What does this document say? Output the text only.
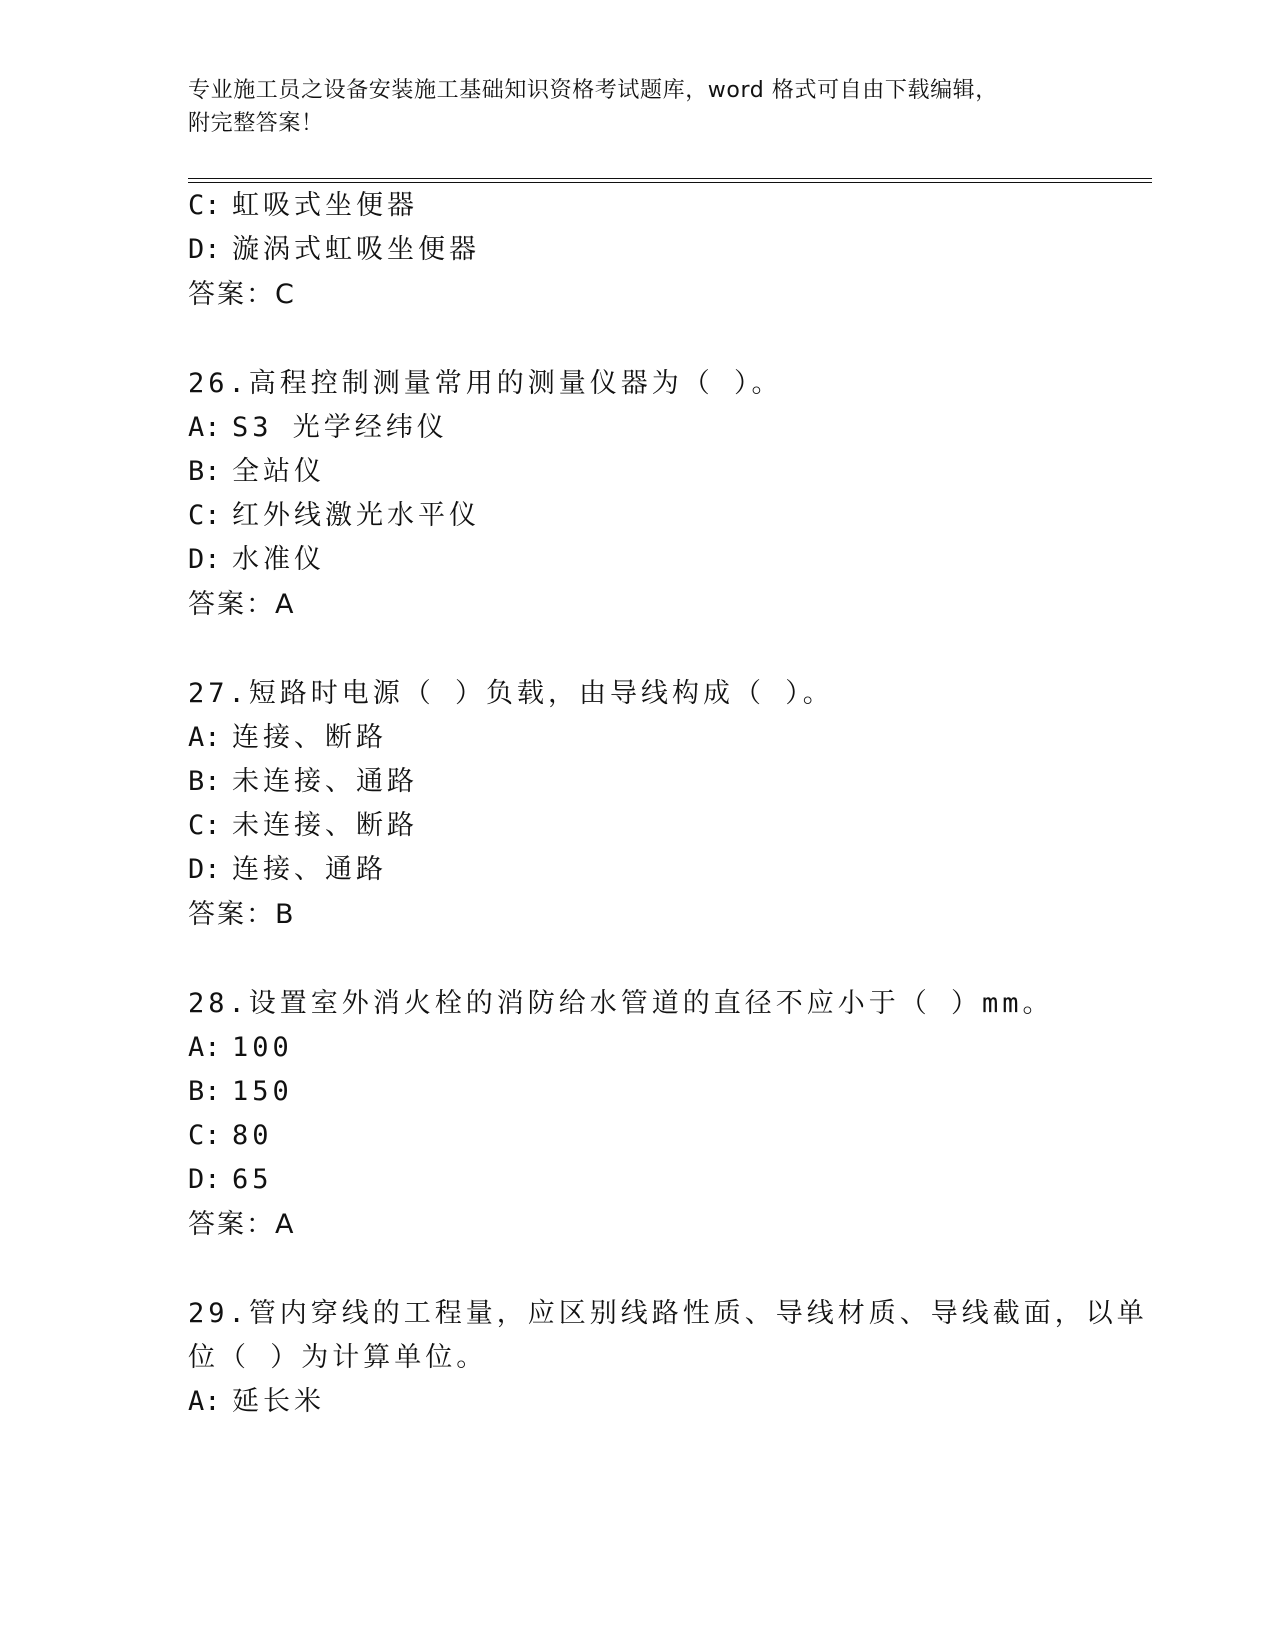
专业施工员之设备安装施工基础知识资格考试题库，word 格式可自由下载编辑，
附完整答案！
C: 虹吸式坐便器
D: 漩涡式虹吸坐便器
答案：C
26.高程控制测量常用的测量仪器为（ ）。
A: S3 光学经纬仪
B: 全站仪
C: 红外线激光水平仪
D: 水准仪
答案：A
27.短路时电源（ ）负载，由导线构成（ ）。
A: 连接、断路
B: 未连接、通路
C: 未连接、断路
D: 连接、通路
答案：B
28.设置室外消火栓的消防给水管道的直径不应小于（ ）mm。
A: 100
B: 150
C: 80
D: 65
答案：A
29.管内穿线的工程量，应区别线路性质、导线材质、导线截面，以单
位（ ）为计算单位。
A: 延长米
